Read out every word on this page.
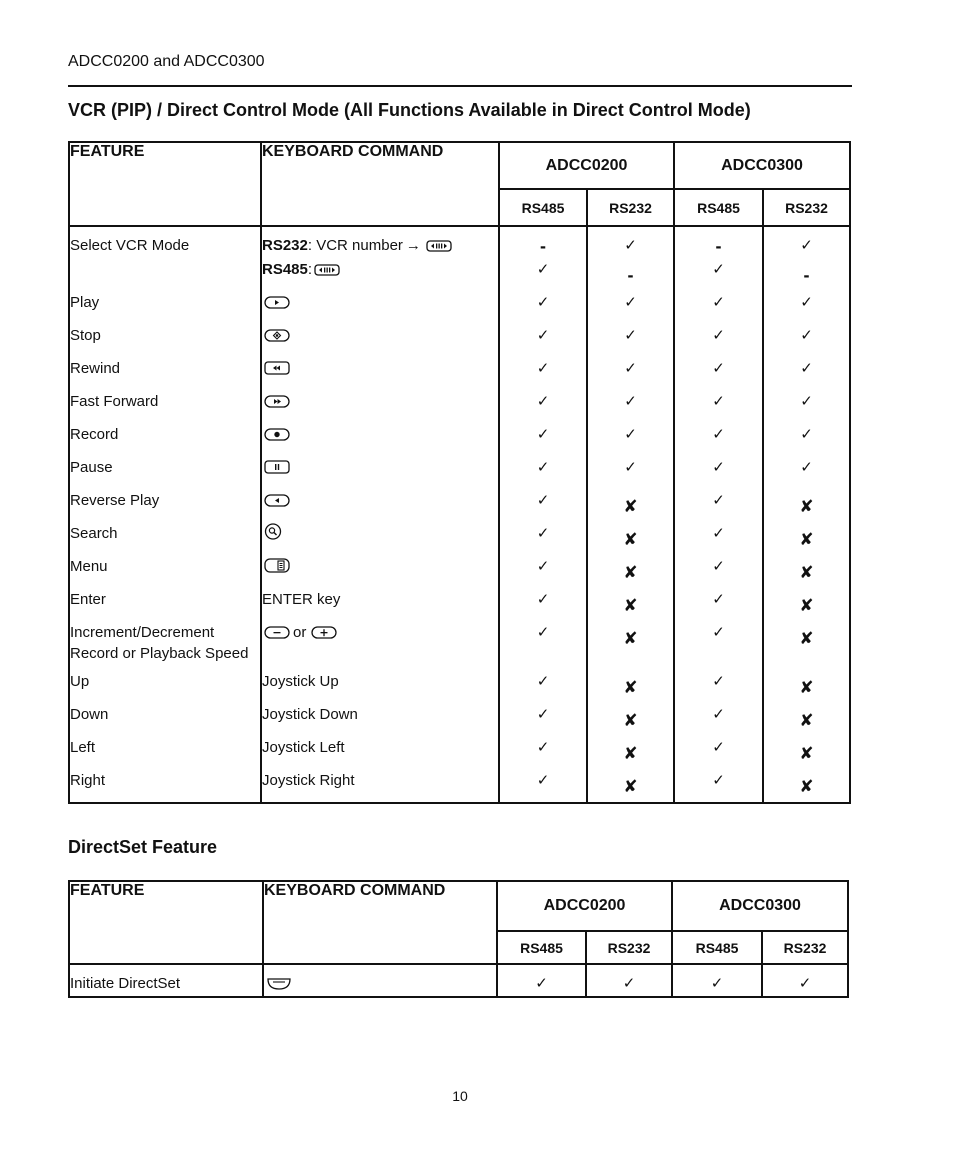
ADCC0200 and ADCC0300
VCR (PIP) / Direct Control Mode (All Functions Available in Direct Control Mode)
FEATURE	KEYBOARD COMMAND	ADCC0200		ADCC0300	
		RS485	RS232	RS485	RS232
Select VCR Mode	RS232: VCR number →	-	✓	-	✓
	RS485:	✓	-	✓	-
Play		✓	✓	✓	✓
Stop		✓	✓	✓	✓
Rewind		✓	✓	✓	✓
Fast Forward		✓	✓	✓	✓
Record		✓	✓	✓	✓
Pause		✓	✓	✓	✓
Reverse Play		✓	✘	✓	✘
Search		✓	✘	✓	✘
Menu		✓	✘	✓	✘
Enter	ENTER key	✓	✘	✓	✘
Increment/Decrement
Record or Playback Speed	or	✓	✘	✓	✘
Up	Joystick Up	✓	✘	✓	✘
Down	Joystick Down	✓	✘	✓	✘
Left	Joystick Left	✓	✘	✓	✘
Right	Joystick Right	✓	✘	✓	✘
DirectSet Feature
FEATURE	KEYBOARD COMMAND	ADCC0200		ADCC0300	
		RS485	RS232	RS485	RS232
Initiate DirectSet		✓	✓	✓	✓
10
